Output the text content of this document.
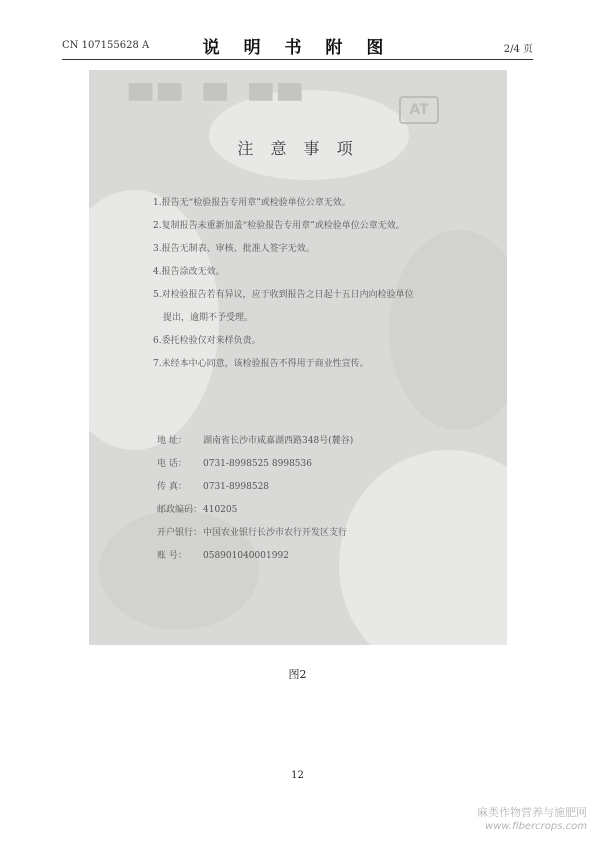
CN 107155628 A	说 明 书 附 图	2/4 页
▀▀ ▀ ▀▀	AT
注 意 事 项
1.报告无“检验报告专用章”或检验单位公章无效。
2.复制报告未重新加盖“检验报告专用章”或检验单位公章无效。
3.报告无制表、审核、批准人签字无效。
4.报告涂改无效。
5.对检验报告若有异议，应于收到报告之日起十五日内向检验单位
提出，逾期不予受理。
6.委托检验仅对来样负责。
7.未经本中心同意，该检验报告不得用于商业性宣传。
地 址： 湖南省长沙市咸嘉湖西路348号(麓谷)
电 话： 0731-8998525 8998536
传 真： 0731-8998528
邮政编码：410205
开户银行：中国农业银行长沙市农行开发区支行
账 号： 058901040001992
图2
12
麻类作物营养与施肥网
www.fibercrops.com
